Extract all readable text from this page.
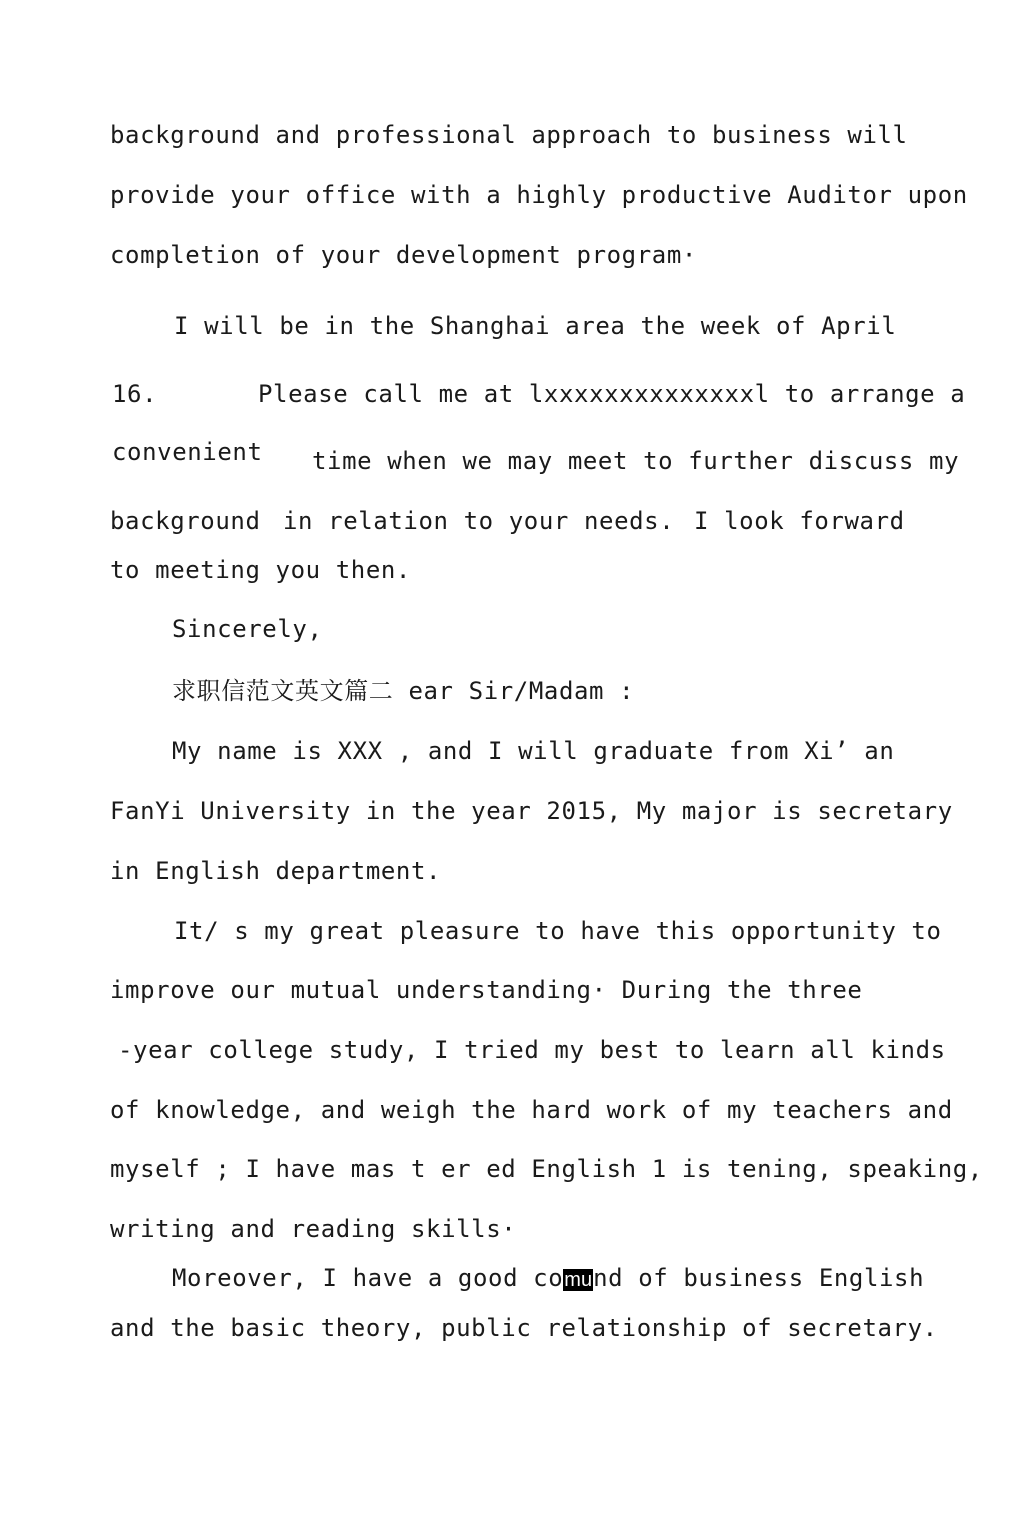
background and professional approach to business will
provide your office with a highly productive Auditor upon
completion of your development program·
I will be in the Shanghai area the week of April
16.	Please call me at lxxxxxxxxxxxxxxl to arrange a
convenient time when we may meet to further discuss my
background in relation to your needs. I look forward
to meeting you then.
Sincerely,
求职信范文英文篇二 ear Sir/Madam :
My name is XXX , and I will graduate from Xi’ an
FanYi University in the year 2015, My major is secretary
in English department.
It/ s my great pleasure to have this opportunity to
improve our mutual understanding· During the three
-year college study, I tried my best to learn all kinds
of knowledge, and weigh the hard work of my teachers and
myself ; I have mas t er ed English 1 is tening, speaking,
writing and reading skills·
Moreover, I have a good comund of business English
and the basic theory, public relationship of secretary.
